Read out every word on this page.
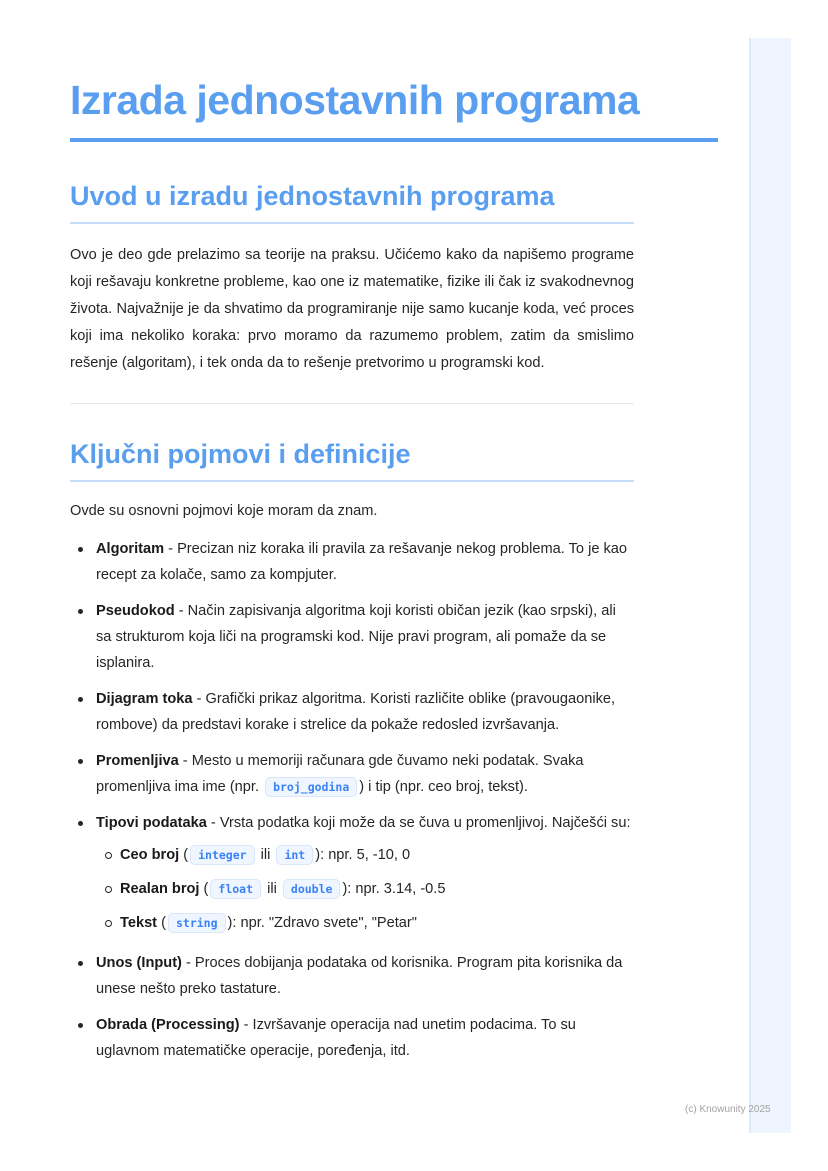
Izrada jednostavnih programa
Uvod u izradu jednostavnih programa

Ovo je deo gde prelazimo sa teorije na praksu. Učićemo kako da napišemo programe koji rešavaju konkretne probleme, kao one iz matematike, fizike ili čak iz svakodnevnog života. Najvažnije je da shvatimo da programiranje nije samo kucanje koda, već proces koji ima nekoliko koraka: prvo moramo da razumemo problem, zatim da smislimo rešenje (algoritam), i tek onda da to rešenje pretvorimo u programski kod.

Ključni pojmovi i definicije

Ovde su osnovni pojmovi koje moram da znam.

Algoritam - Precizan niz koraka ili pravila za rešavanje nekog problema. To je kao recept za kolače, samo za kompjuter.
Pseudokod - Način zapisivanja algoritma koji koristi običan jezik (kao srpski), ali sa strukturom koja liči na programski kod. Nije pravi program, ali pomaže da se isplanira.
Dijagram toka - Grafički prikaz algoritma. Koristi različite oblike (pravougaonike, rombove) da predstavi korake i strelice da pokaže redosled izvršavanja.
Promenljiva - Mesto u memoriji računara gde čuvamo neki podatak. Svaka promenljiva ima ime (npr. broj_godina ) i tip (npr. ceo broj, tekst).
Tipovi podataka - Vrsta podatka koji može da se čuva u promenljivoj. Najčešći su:
Ceo broj ( integer ili int ): npr. 5, -10, 0
Realan broj ( float ili double ): npr. 3.14, -0.5
Tekst ( string ): npr. "Zdravo svete", "Petar"
Unos (Input) - Proces dobijanja podataka od korisnika. Program pita korisnika da unese nešto preko tastature.
Obrada (Processing) - Izvršavanje operacija nad unetim podacima. To su uglavnom matematičke operacije, poređenja, itd.
(c) Knowunity 2025
